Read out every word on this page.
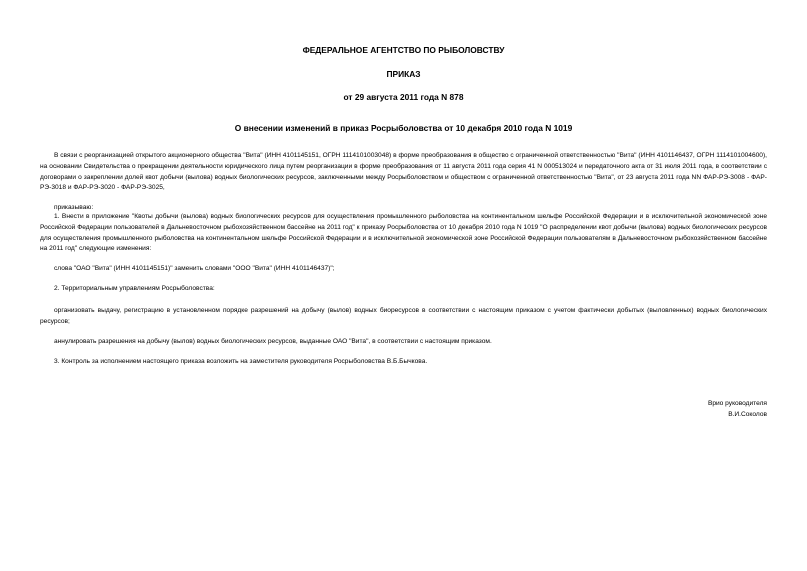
ФЕДЕРАЛЬНОЕ АГЕНТСТВО ПО РЫБОЛОВСТВУ
ПРИКАЗ
от 29 августа 2011 года N 878
О внесении изменений в приказ Росрыболовства от 10 декабря 2010 года N 1019
В связи с реорганизацией открытого акционерного общества "Вита" (ИНН 4101145151, ОГРН 1114101003048) в форме преобразования в общество с ограниченной ответственностью "Вита" (ИНН 4101146437, ОГРН 1114101004600), на основании Свидетельства о прекращении деятельности юридического лица путем реорганизации в форме преобразования от 11 августа 2011 года серия 41 N 000513024 и передаточного акта от 31 июля 2011 года, в соответствии с договорами о закреплении долей квот добычи (вылова) водных биологических ресурсов, заключенными между Росрыболовством и обществом с ограниченной ответственностью "Вита", от 23 августа 2011 года NN ФАР-РЭ-3008 - ФАР-РЭ-3018 и ФАР-РЭ-3020 - ФАР-РЭ-3025,
приказываю:
1. Внести в приложение "Квоты добычи (вылова) водных биологических ресурсов для осуществления промышленного рыболовства на континентальном шельфе Российской Федерации и в исключительной экономической зоне Российской Федерации пользователей в Дальневосточном рыбохозяйственном бассейне на 2011 год" к приказу Росрыболовства от 10 декабря 2010 года N 1019 "О распределении квот добычи (вылова) водных биологических ресурсов для осуществления промышленного рыболовства на континентальном шельфе Российской Федерации и в исключительной экономической зоне Российской Федерации пользователям в Дальневосточном рыбохозяйственном бассейне на 2011 год" следующие изменения:
слова "ОАО "Вита" (ИНН 4101145151)" заменить словами "ООО "Вита" (ИНН 4101146437)";
2. Территориальным управлениям Росрыболовства:
организовать выдачу, регистрацию в установленном порядке разрешений на добычу (вылов) водных биоресурсов в соответствии с настоящим приказом с учетом фактически добытых (выловленных) водных биологических ресурсов;
аннулировать разрешения на добычу (вылов) водных биологических ресурсов, выданные ОАО "Вита", в соответствии с настоящим приказом.
3. Контроль за исполнением настоящего приказа возложить на заместителя руководителя Росрыболовства В.Б.Бычкова.
Врио руководителя
В.И.Соколов
